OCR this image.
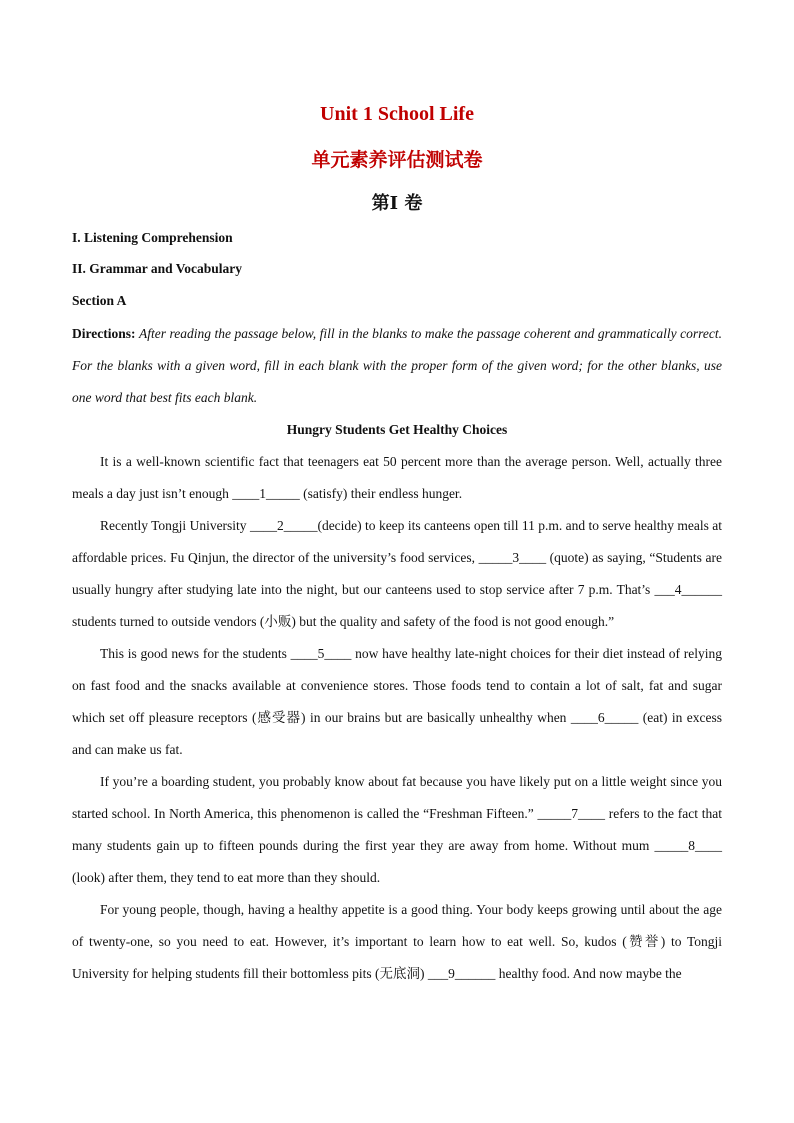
Unit 1 School Life
单元素养评估测试卷
第I 卷
I. Listening Comprehension
II. Grammar and Vocabulary
Section A

Directions: After reading the passage below, fill in the blanks to make the passage coherent and grammatically correct. For the blanks with a given word, fill in each blank with the proper form of the given word; for the other blanks, use one word that best fits each blank.

Hungry Students Get Healthy Choices

It is a well-known scientific fact that teenagers eat 50 percent more than the average person. Well, actually three meals a day just isn’t enough ____1_____ (satisfy) their endless hunger.

Recently Tongji University ____2_____(decide) to keep its canteens open till 11 p.m. and to serve healthy meals at affordable prices. Fu Qinjun, the director of the university’s food services, _____3____ (quote) as saying, “Students are usually hungry after studying late into the night, but our canteens used to stop service after 7 p.m. That’s ___4______ students turned to outside vendors (小贩) but the quality and safety of the food is not good enough.”

This is good news for the students ____5____ now have healthy late-night choices for their diet instead of relying on fast food and the snacks available at convenience stores. Those foods tend to contain a lot of salt, fat and sugar which set off pleasure receptors (感受器) in our brains but are basically unhealthy when ____6_____ (eat) in excess and can make us fat.

If you’re a boarding student, you probably know about fat because you have likely put on a little weight since you started school. In North America, this phenomenon is called the “Freshman Fifteen.” _____7____ refers to the fact that many students gain up to fifteen pounds during the first year they are away from home. Without mum _____8____ (look) after them, they tend to eat more than they should.

For young people, though, having a healthy appetite is a good thing. Your body keeps growing until about the age of twenty-one, so you need to eat. However, it’s important to learn how to eat well. So, kudos (赞誉) to Tongji University for helping students fill their bottomless pits (无底洞) ___9______ healthy food. And now maybe the
